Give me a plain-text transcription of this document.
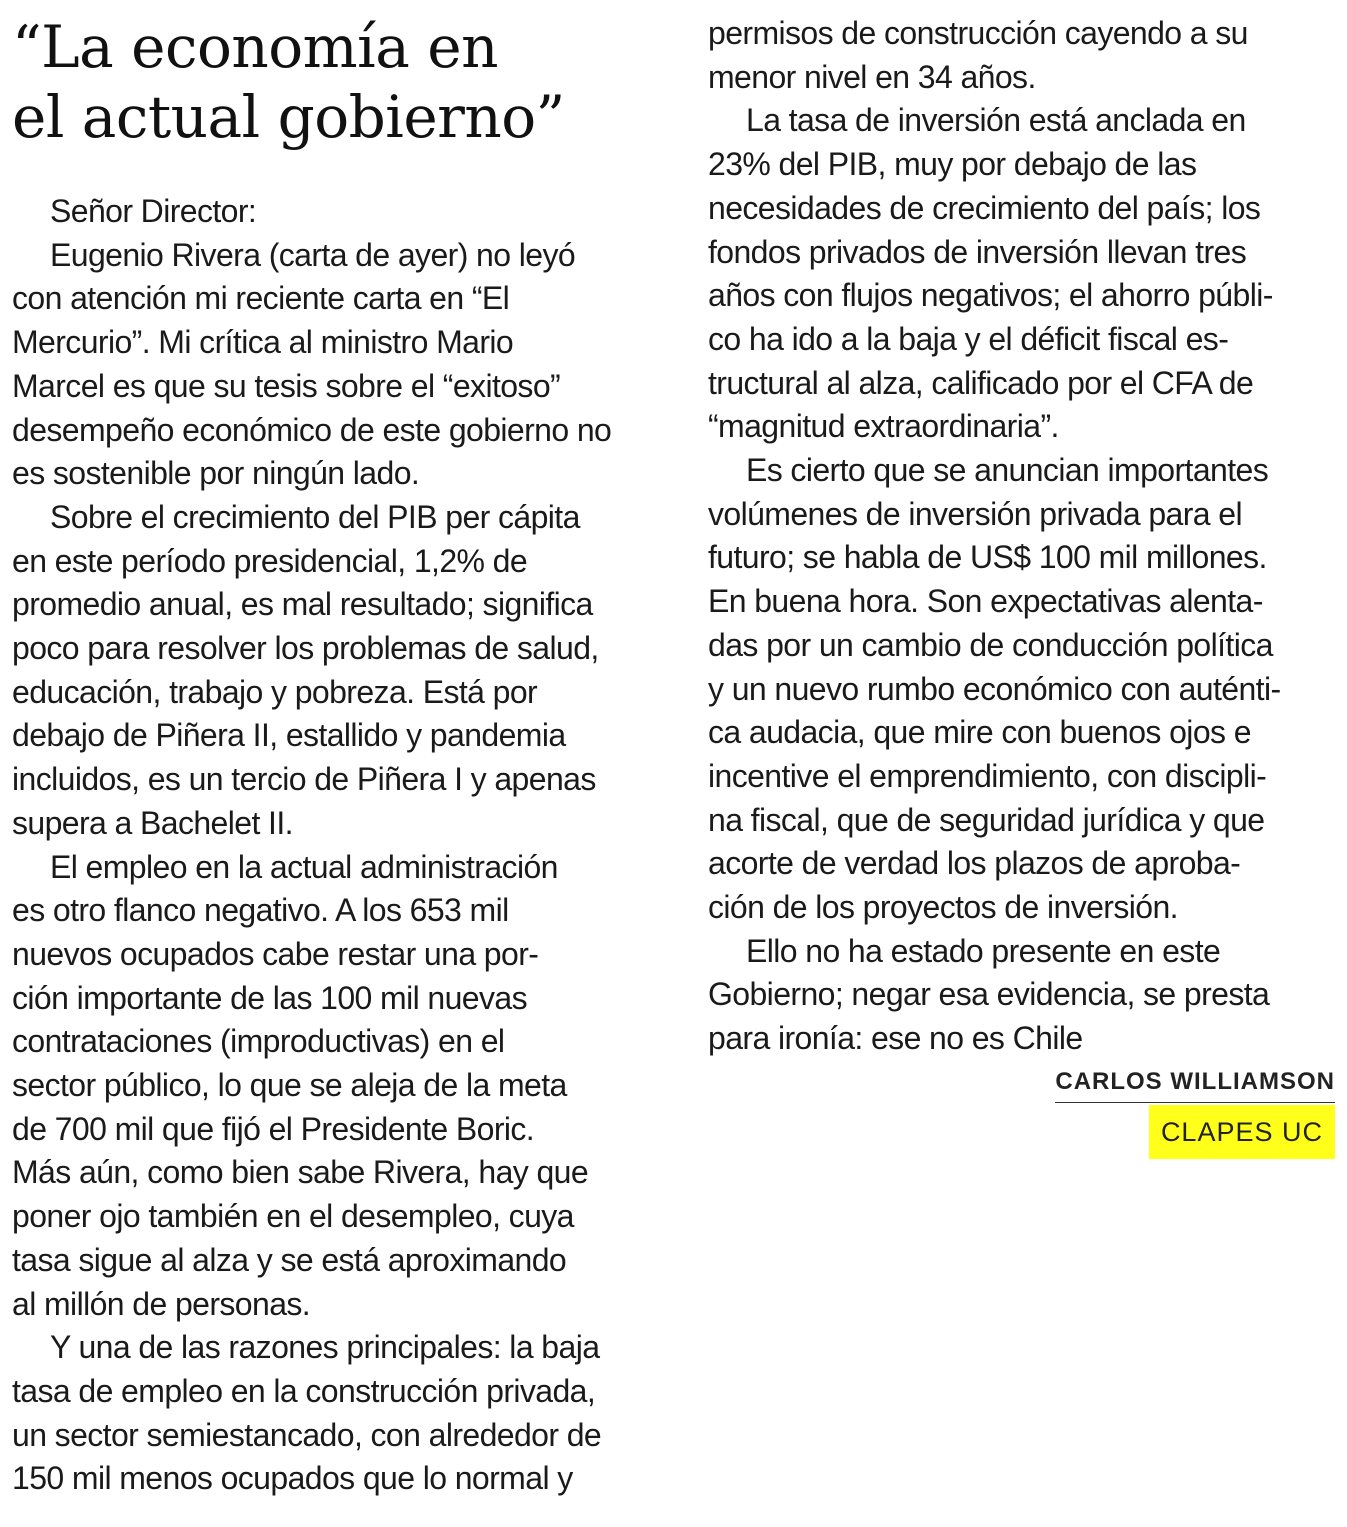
“La economía en
el actual gobierno”

Señor Director:

Eugenio Rivera (carta de ayer) no leyó
con atención mi reciente carta en “El
Mercurio”. Mi crítica al ministro Mario
Marcel es que su tesis sobre el “exitoso”
desempeño económico de este gobierno no
es sostenible por ningún lado.

Sobre el crecimiento del PIB per cápita
en este período presidencial, 1,2% de
promedio anual, es mal resultado; significa
poco para resolver los problemas de salud,
educación, trabajo y pobreza. Está por
debajo de Piñera II, estallido y pandemia
incluidos, es un tercio de Piñera I y apenas
supera a Bachelet II.

El empleo en la actual administración
es otro flanco negativo. A los 653 mil
nuevos ocupados cabe restar una por-
ción importante de las 100 mil nuevas
contrataciones (improductivas) en el
sector público, lo que se aleja de la meta
de 700 mil que fijó el Presidente Boric.
Más aún, como bien sabe Rivera, hay que
poner ojo también en el desempleo, cuya
tasa sigue al alza y se está aproximando
al millón de personas.

Y una de las razones principales: la baja
tasa de empleo en la construcción privada,
un sector semiestancado, con alrededor de
150 mil menos ocupados que lo normal y

permisos de construcción cayendo a su
menor nivel en 34 años.

La tasa de inversión está anclada en
23% del PIB, muy por debajo de las
necesidades de crecimiento del país; los
fondos privados de inversión llevan tres
años con flujos negativos; el ahorro públi-
co ha ido a la baja y el déficit fiscal es-
tructural al alza, calificado por el CFA de
“magnitud extraordinaria”.

Es cierto que se anuncian importantes
volúmenes de inversión privada para el
futuro; se habla de US$ 100 mil millones.
En buena hora. Son expectativas alenta-
das por un cambio de conducción política
y un nuevo rumbo económico con auténti-
ca audacia, que mire con buenos ojos e
incentive el emprendimiento, con discipli-
na fiscal, que de seguridad jurídica y que
acorte de verdad los plazos de aproba-
ción de los proyectos de inversión.

Ello no ha estado presente en este
Gobierno; negar esa evidencia, se presta
para ironía: ese no es Chile

CARLOS WILLIAMSON
CLAPES UC
